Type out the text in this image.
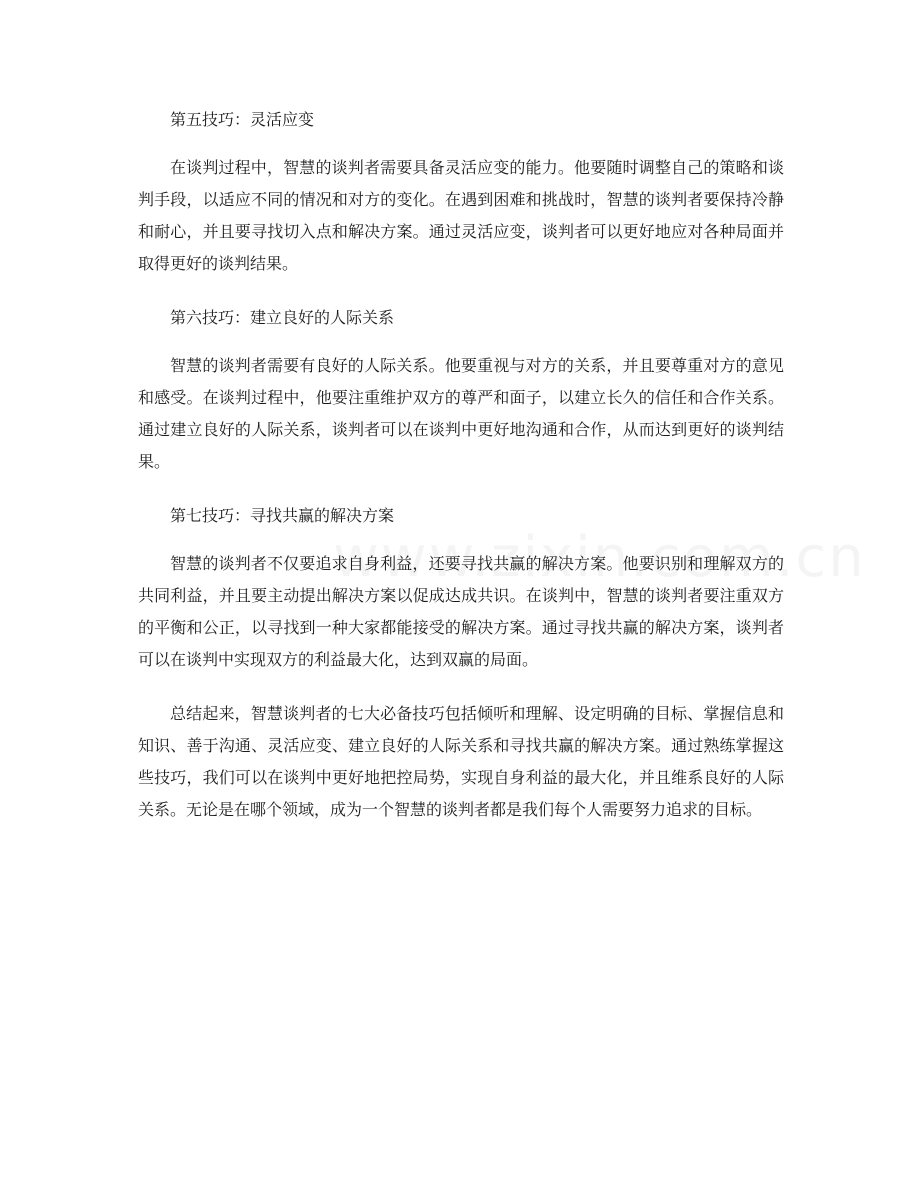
第五技巧：灵活应变

在谈判过程中，智慧的谈判者需要具备灵活应变的能力。他要随时调整自己的策略和谈判手段，以适应不同的情况和对方的变化。在遇到困难和挑战时，智慧的谈判者要保持冷静和耐心，并且要寻找切入点和解决方案。通过灵活应变，谈判者可以更好地应对各种局面并取得更好的谈判结果。

第六技巧：建立良好的人际关系

智慧的谈判者需要有良好的人际关系。他要重视与对方的关系，并且要尊重对方的意见和感受。在谈判过程中，他要注重维护双方的尊严和面子，以建立长久的信任和合作关系。通过建立良好的人际关系，谈判者可以在谈判中更好地沟通和合作，从而达到更好的谈判结果。

第七技巧：寻找共赢的解决方案

智慧的谈判者不仅要追求自身利益，还要寻找共赢的解决方案。他要识别和理解双方的共同利益，并且要主动提出解决方案以促成达成共识。在谈判中，智慧的谈判者要注重双方的平衡和公正，以寻找到一种大家都能接受的解决方案。通过寻找共赢的解决方案，谈判者可以在谈判中实现双方的利益最大化，达到双赢的局面。

总结起来，智慧谈判者的七大必备技巧包括倾听和理解、设定明确的目标、掌握信息和知识、善于沟通、灵活应变、建立良好的人际关系和寻找共赢的解决方案。通过熟练掌握这些技巧，我们可以在谈判中更好地把控局势，实现自身利益的最大化，并且维系良好的人际关系。无论是在哪个领域，成为一个智慧的谈判者都是我们每个人需要努力追求的目标。
